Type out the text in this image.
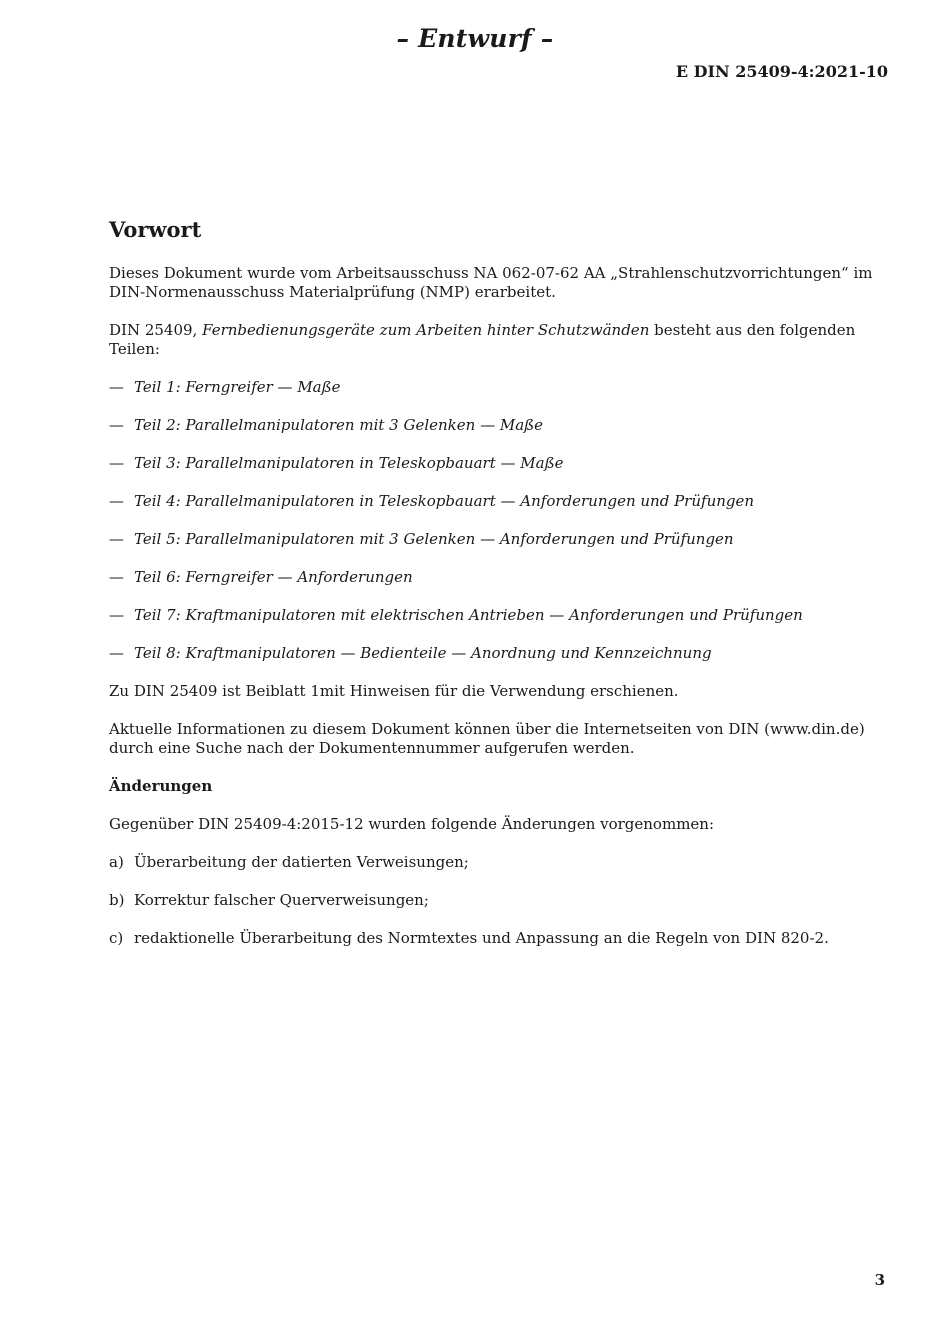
– Entwurf –
E DIN 25409-4:2021-10
Vorwort

Dieses Dokument wurde vom Arbeitsausschuss NA 062-07-62 AA „Strahlenschutzvorrichtungen“ im DIN-Normenausschuss Materialprüfung (NMP) erarbeitet.

DIN 25409, Fernbedienungsgeräte zum Arbeiten hinter Schutzwänden besteht aus den folgenden Teilen:

— Teil 1: Ferngreifer — Maße
— Teil 2: Parallelmanipulatoren mit 3 Gelenken — Maße
— Teil 3: Parallelmanipulatoren in Teleskopbauart — Maße
— Teil 4: Parallelmanipulatoren in Teleskopbauart — Anforderungen und Prüfungen
— Teil 5: Parallelmanipulatoren mit 3 Gelenken — Anforderungen und Prüfungen
— Teil 6: Ferngreifer — Anforderungen
— Teil 7: Kraftmanipulatoren mit elektrischen Antrieben — Anforderungen und Prüfungen
— Teil 8: Kraftmanipulatoren — Bedienteile — Anordnung und Kennzeichnung

Zu DIN 25409 ist Beiblatt 1mit Hinweisen für die Verwendung erschienen.

Aktuelle Informationen zu diesem Dokument können über die Internetseiten von DIN (www.din.de) durch eine Suche nach der Dokumentennummer aufgerufen werden.

Änderungen

Gegenüber DIN 25409-4:2015-12 wurden folgende Änderungen vorgenommen:

a) Überarbeitung der datierten Verweisungen;
b) Korrektur falscher Querverweisungen;
c) redaktionelle Überarbeitung des Normtextes und Anpassung an die Regeln von DIN 820-2.
3
